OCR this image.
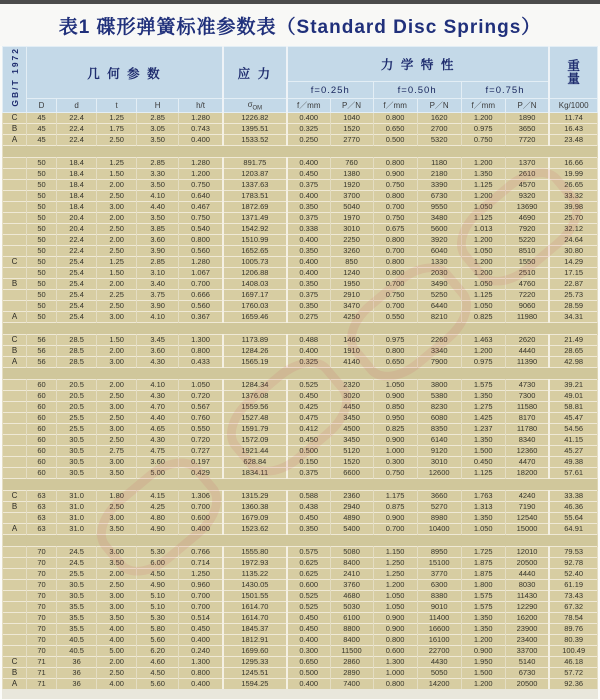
表1 碟形弹簧标准参数表（Standard Disc Springs）
GB/T 1972	几 何 参 数					应 力	力 学 特 性						重
量
							f=0.25h		f=0.50h		f=0.75h		
	D	d	t	H	h/t	$\sigma_{OM}$	f／mm	P／N	f／mm	P／N	f／mm	P／N	Kg/1000
C	45	22.4	1.25	2.85	1.280	1226.82	0.400	1040	0.800	1620	1.200	1890	11.74
B	45	22.4	1.75	3.05	0.743	1395.51	0.325	1520	0.650	2700	0.975	3650	16.43
A	45	22.4	2.50	3.50	0.400	1533.52	0.250	2770	0.500	5320	0.750	7720	23.48

	50	18.4	1.25	2.85	1.280	891.75	0.400	760	0.800	1180	1.200	1370	16.66
	50	18.4	1.50	3.30	1.200	1203.87	0.450	1380	0.900	2180	1.350	2610	19.99
	50	18.4	2.00	3.50	0.750	1337.63	0.375	1920	0.750	3390	1.125	4570	26.65
	50	18.4	2.50	4.10	0.640	1783.51	0.400	3700	0.800	6730	1.200	9320	33.32
	50	18.4	3.00	4.40	0.467	1872.69	0.350	5040	0.700	9550	1.050	13690	39.98
	50	20.4	2.00	3.50	0.750	1371.49	0.375	1970	0.750	3480	1.125	4690	25.70
	50	20.4	2.50	3.85	0.540	1542.92	0.338	3010	0.675	5600	1.013	7920	32.12
	50	22.4	2.00	3.60	0.800	1510.99	0.400	2250	0.800	3920	1.200	5220	24.64
	50	22.4	2.50	3.90	0.560	1652.65	0.350	3260	0.700	6040	1.050	8510	30.80
C	50	25.4	1.25	2.85	1.280	1005.73	0.400	850	0.800	1330	1.200	1550	14.29
	50	25.4	1.50	3.10	1.067	1206.88	0.400	1240	0.800	2030	1.200	2510	17.15
B	50	25.4	2.00	3.40	0.700	1408.03	0.350	1950	0.700	3490	1.050	4760	22.87
	50	25.4	2.25	3.75	0.666	1697.17	0.375	2910	0.750	5250	1.125	7220	25.73
	50	25.4	2.50	3.90	0.560	1760.03	0.350	3470	0.700	6440	1.050	9060	28.59
A	50	25.4	3.00	4.10	0.367	1659.46	0.275	4250	0.550	8210	0.825	11980	34.31

C	56	28.5	1.50	3.45	1.300	1173.89	0.488	1460	0.975	2260	1.463	2620	21.49
B	56	28.5	2.00	3.60	0.800	1284.26	0.400	1910	0.800	3340	1.200	4440	28.65
A	56	28.5	3.00	4.30	0.433	1565.19	0.325	4140	0.650	7900	0.975	11390	42.98

	60	20.5	2.00	4.10	1.050	1284.34	0.525	2320	1.050	3800	1.575	4730	39.21
	60	20.5	2.50	4.30	0.720	1376.08	0.450	3020	0.900	5380	1.350	7300	49.01
	60	20.5	3.00	4.70	0.567	1559.56	0.425	4450	0.850	8230	1.275	11580	58.81
	60	25.5	2.50	4.40	0.760	1527.48	0.475	3450	0.950	6080	1.425	8170	45.47
	60	25.5	3.00	4.65	0.550	1591.79	0.412	4500	0.825	8350	1.237	11780	54.56
	60	30.5	2.50	4.30	0.720	1572.09	0.450	3450	0.900	6140	1.350	8340	41.15
	60	30.5	2.75	4.75	0.727	1921.44	0.500	5120	1.000	9120	1.500	12360	45.27
	60	30.5	3.00	3.60	0.197	628.84	0.150	1520	0.300	3010	0.450	4470	49.38
	60	30.5	3.50	5.00	0.429	1834.11	0.375	6600	0.750	12600	1.125	18200	57.61

C	63	31.0	1.80	4.15	1.306	1315.29	0.588	2360	1.175	3660	1.763	4240	33.38
B	63	31.0	2.50	4.25	0.700	1360.38	0.438	2940	0.875	5270	1.313	7190	46.36
	63	31.0	3.00	4.80	0.600	1679.09	0.450	4890	0.900	8980	1.350	12540	55.64
A	63	31.0	3.50	4.90	0.400	1523.62	0.350	5400	0.700	10400	1.050	15000	64.91

	70	24.5	3.00	5.30	0.766	1555.80	0.575	5080	1.150	8950	1.725	12010	79.53
	70	24.5	3.50	6.00	0.714	1972.93	0.625	8400	1.250	15100	1.875	20500	92.78
	70	25.5	2.00	4.50	1.250	1135.22	0.625	2410	1.250	3770	1.875	4440	52.40
	70	30.5	2.50	4.90	0.960	1430.05	0.600	3760	1.200	6300	1.800	8030	61.19
	70	30.5	3.00	5.10	0.700	1501.55	0.525	4680	1.050	8380	1.575	11430	73.43
	70	35.5	3.00	5.10	0.700	1614.70	0.525	5030	1.050	9010	1.575	12290	67.32
	70	35.5	3.50	5.30	0.514	1614.70	0.450	6100	0.900	11400	1.350	16200	78.54
	70	35.5	4.00	5.80	0.450	1845.37	0.450	8800	0.900	16600	1.350	23900	89.76
	70	40.5	4.00	5.60	0.400	1812.91	0.400	8400	0.800	16100	1.200	23400	80.39
	70	40.5	5.00	6.20	0.240	1699.60	0.300	11500	0.600	22700	0.900	33700	100.49
C	71	36	2.00	4.60	1.300	1295.33	0.650	2860	1.300	4430	1.950	5140	46.18
B	71	36	2.50	4.50	0.800	1245.51	0.500	2890	1.000	5050	1.500	6730	57.72
A	71	36	4.00	5.60	0.400	1594.25	0.400	7400	0.800	14200	1.200	20500	92.36
